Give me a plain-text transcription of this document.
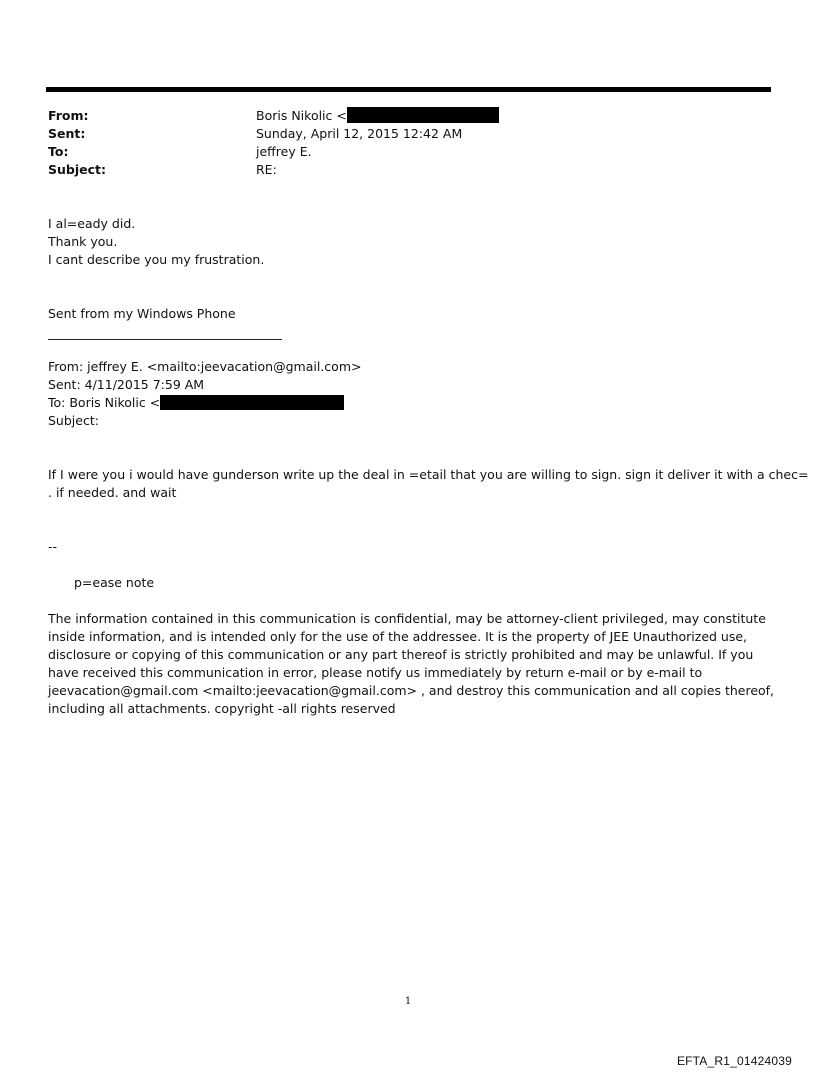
From:	Boris Nikolic <
Sent:	Sunday, April 12, 2015 12:42 AM
To:	jeffrey E.
Subject:	RE:
I al=eady did.
Thank you.
I cant describe you my frustration.
Sent from my Windows Phone
From: jeffrey E. <mailto:jeevacation@gmail.com>
Sent: 4/11/2015 7:59 AM
To: Boris Nikolic <
Subject:
If I were you i would have gunderson write up the deal in =etail that you are willing to sign. sign it deliver it with a chec=
. if needed. and wait
--
p=ease note
The information contained in this communication is confidential, may be attorney-client privileged, may constitute inside information, and is intended only for the use of the addressee. It is the property of JEE Unauthorized use, disclosure or copying of this communication or any part thereof is strictly prohibited and may be unlawful. If you have received this communication in error, please notify us immediately by return e-mail or by e-mail to jeevacation@gmail.com <mailto:jeevacation@gmail.com> , and destroy this communication and all copies thereof, including all attachments. copyright -all rights reserved
1
EFTA_R1_01424039
